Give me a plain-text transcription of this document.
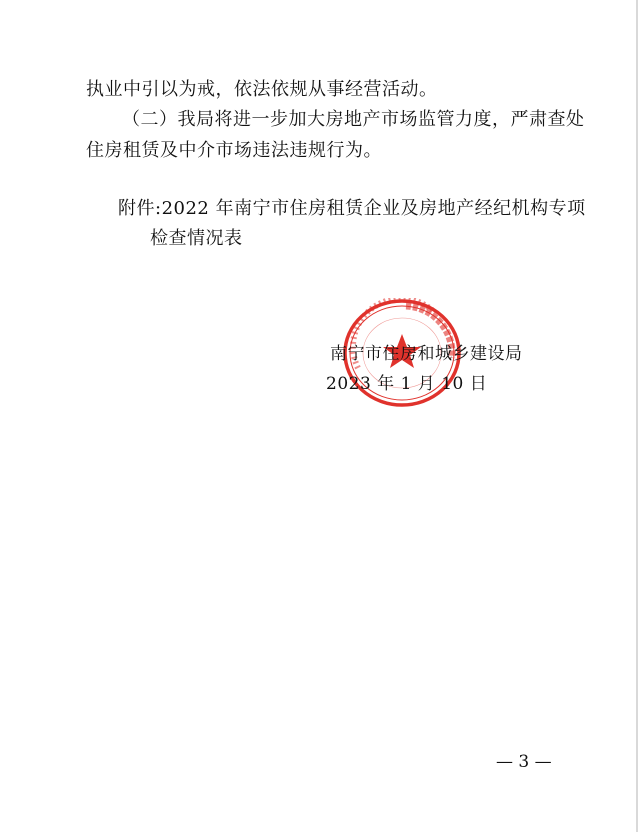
执业中引以为戒，依法依规从事经营活动。
（二）我局将进一步加大房地产市场监管力度，严肃查处
住房租赁及中介市场违法违规行为。
附件:2022 年南宁市住房租赁企业及房地产经纪机构专项
检查情况表
南宁市住房和城乡建设局
2023 年 1 月 10 日
— 3 —
